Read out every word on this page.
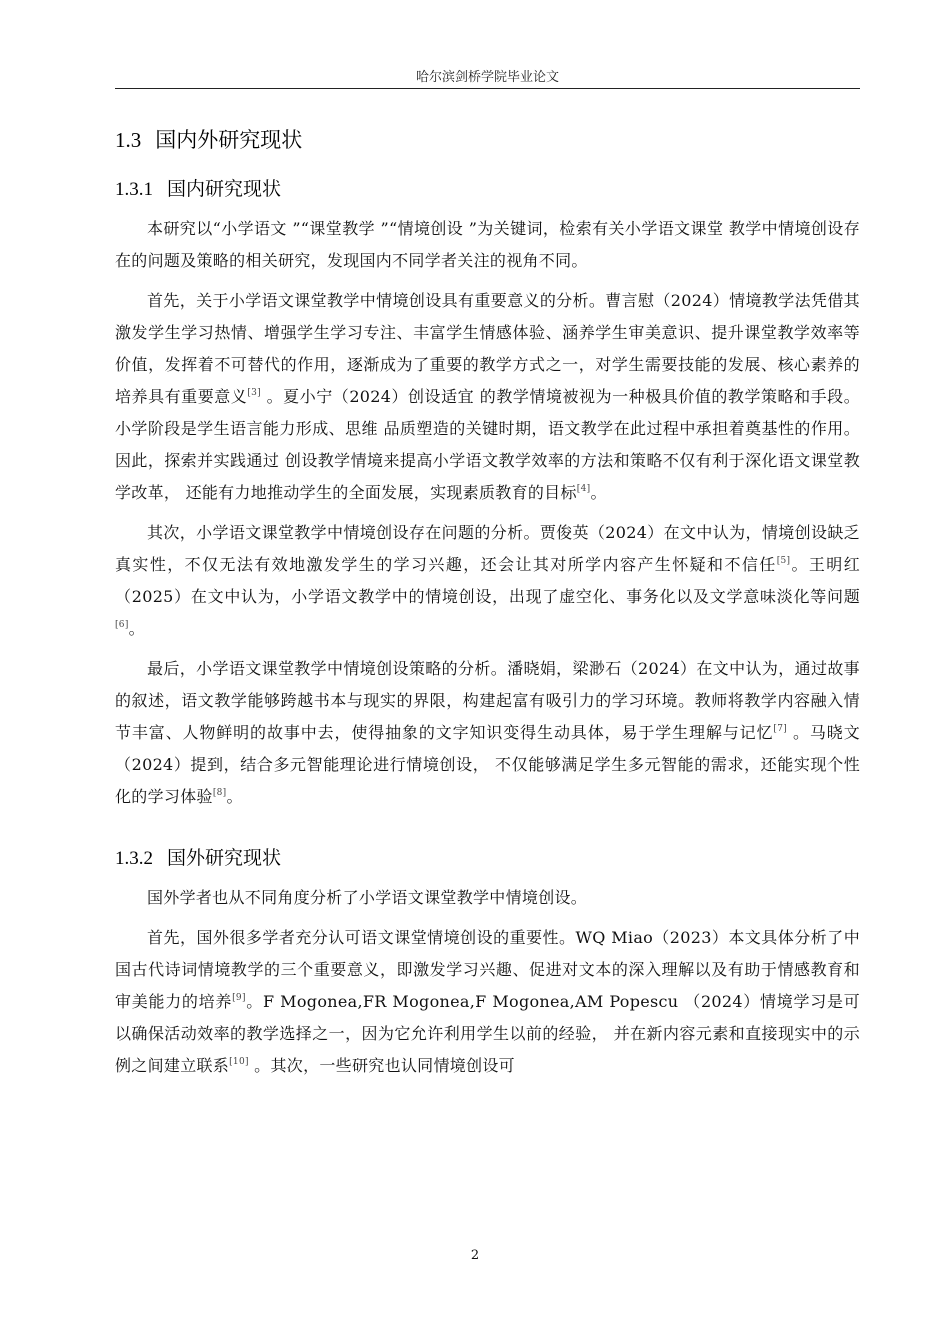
哈尔滨剑桥学院毕业论文
1.3 国内外研究现状
1.3.1 国内研究现状

本研究以“小学语文 ”“课堂教学 ”“情境创设 ”为关键词，检索有关小学语文课堂 教学中情境创设存在的问题及策略的相关研究，发现国内不同学者关注的视角不同。

首先，关于小学语文课堂教学中情境创设具有重要意义的分析。曹言慰（2024）情境教学法凭借其激发学生学习热情、增强学生学习专注、丰富学生情感体验、涵养学生审美意识、提升课堂教学效率等价值，发挥着不可替代的作用，逐渐成为了重要的教学方式之一，对学生需要技能的发展、核心素养的培养具有重要意义[3] 。夏小宁（2024）创设适宜 的教学情境被视为一种极具价值的教学策略和手段。小学阶段是学生语言能力形成、思维 品质塑造的关键时期，语文教学在此过程中承担着奠基性的作用。因此，探索并实践通过 创设教学情境来提高小学语文教学效率的方法和策略不仅有利于深化语文课堂教学改革， 还能有力地推动学生的全面发展，实现素质教育的目标[4]。

其次，小学语文课堂教学中情境创设存在问题的分析。贾俊英（2024）在文中认为，情境创设缺乏真实性，不仅无法有效地激发学生的学习兴趣，还会让其对所学内容产生怀疑和不信任[5]。王明红（2025）在文中认为，小学语文教学中的情境创设，出现了虚空化、事务化以及文学意味淡化等问题[6]。

最后，小学语文课堂教学中情境创设策略的分析。潘晓娟，梁渺石（2024）在文中认为，通过故事的叙述，语文教学能够跨越书本与现实的界限，构建起富有吸引力的学习环境。教师将教学内容融入情节丰富、人物鲜明的故事中去，使得抽象的文字知识变得生动具体，易于学生理解与记忆[7] 。马晓文（2024）提到，结合多元智能理论进行情境创设， 不仅能够满足学生多元智能的需求，还能实现个性化的学习体验[8]。

1.3.2 国外研究现状

国外学者也从不同角度分析了小学语文课堂教学中情境创设。

首先，国外很多学者充分认可语文课堂情境创设的重要性。WQ Miao（2023）本文具体分析了中国古代诗词情境教学的三个重要意义，即激发学习兴趣、促进对文本的深入理解以及有助于情感教育和审美能力的培养[9]。F Mogonea,FR Mogonea,F Mogonea,AM Popescu （2024）情境学习是可以确保活动效率的教学选择之一，因为它允许利用学生以前的经验， 并在新内容元素和直接现实中的示例之间建立联系[10] 。其次，一些研究也认同情境创设可

2
